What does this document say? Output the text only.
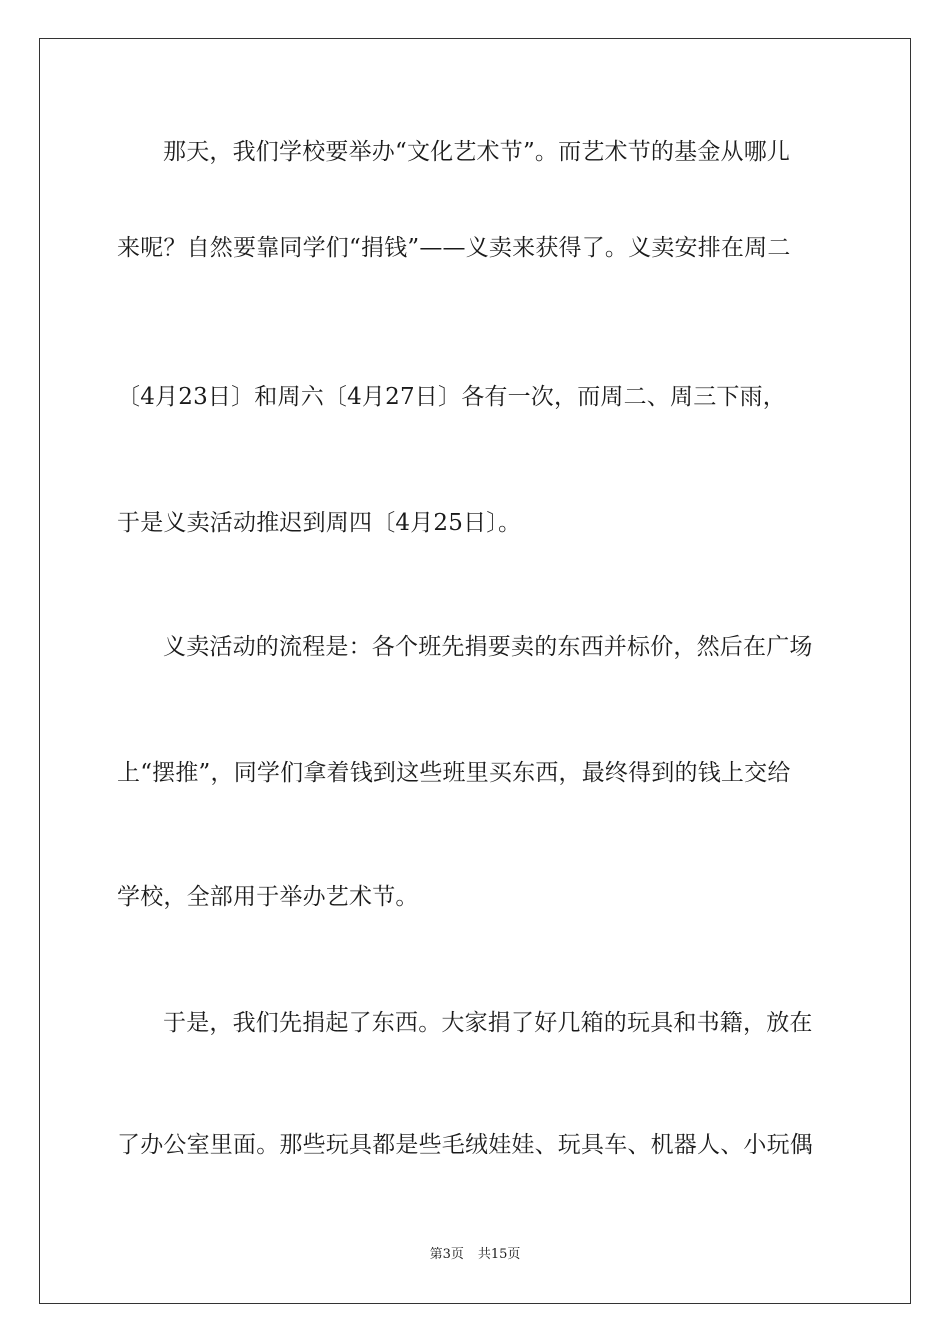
那天，我们学校要举办“文化艺术节”。而艺术节的基金从哪儿
来呢？自然要靠同学们“捐钱”——义卖来获得了。义卖安排在周二
〔4月23日〕和周六〔4月27日〕各有一次，而周二、周三下雨，
于是义卖活动推迟到周四〔4月25日〕。
义卖活动的流程是：各个班先捐要卖的东西并标价，然后在广场
上“摆推”，同学们拿着钱到这些班里买东西，最终得到的钱上交给
学校，全部用于举办艺术节。
于是，我们先捐起了东西。大家捐了好几箱的玩具和书籍，放在
了办公室里面。那些玩具都是些毛绒娃娃、玩具车、机器人、小玩偶
第3页 共15页
